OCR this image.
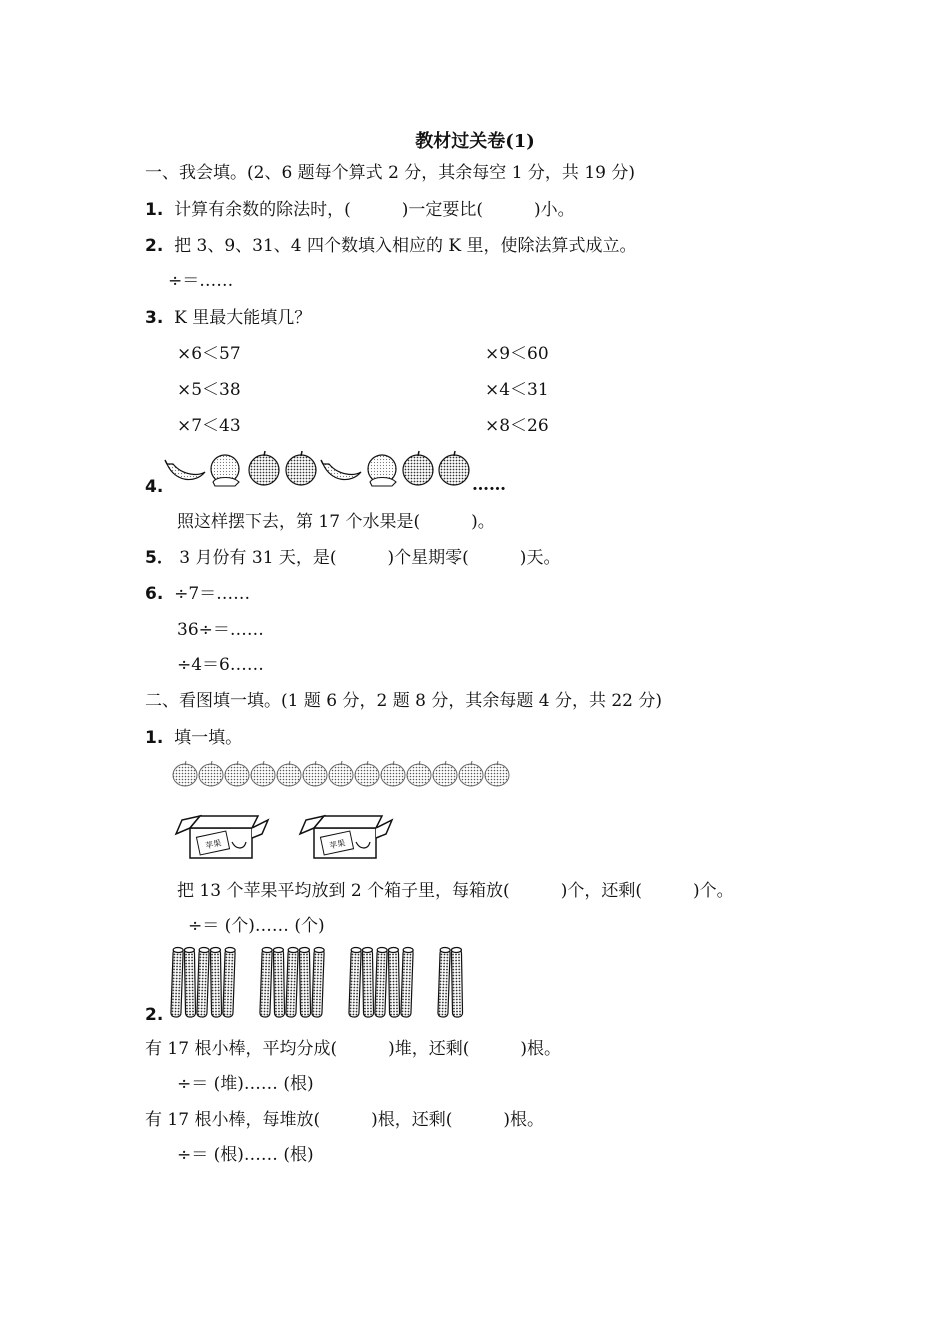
教材过关卷(1)
一、我会填。(2、6 题每个算式 2 分，其余每空 1 分，共 19 分)
1. 计算有余数的除法时，(　　　)一定要比(　　　)小。
2. 把 3、9、31、4 四个数填入相应的 K 里，使除法算式成立。
÷＝……
3. K 里最大能填几？
×6＜57
×5＜38
×7＜43
×9＜60
×4＜31
×8＜26
4.	……
照这样摆下去，第 17 个水果是(　　　)。
5． 3 月份有 31 天，是(　　　)个星期零(　　　)天。
6. ÷7＝……
36÷＝……
÷4＝6……
二、看图填一填。(1 题 6 分，2 题 8 分，其余每题 4 分，共 22 分)
1. 填一填。
苹果	苹果
把 13 个苹果平均放到 2 个箱子里，每箱放(　　　)个，还剩(　　　)个。
÷＝ (个)…… (个)
2.
有 17 根小棒，平均分成(　　　)堆，还剩(　　　)根。
÷＝ (堆)…… (根)
有 17 根小棒，每堆放(　　　)根，还剩(　　　)根。
÷＝ (根)…… (根)
